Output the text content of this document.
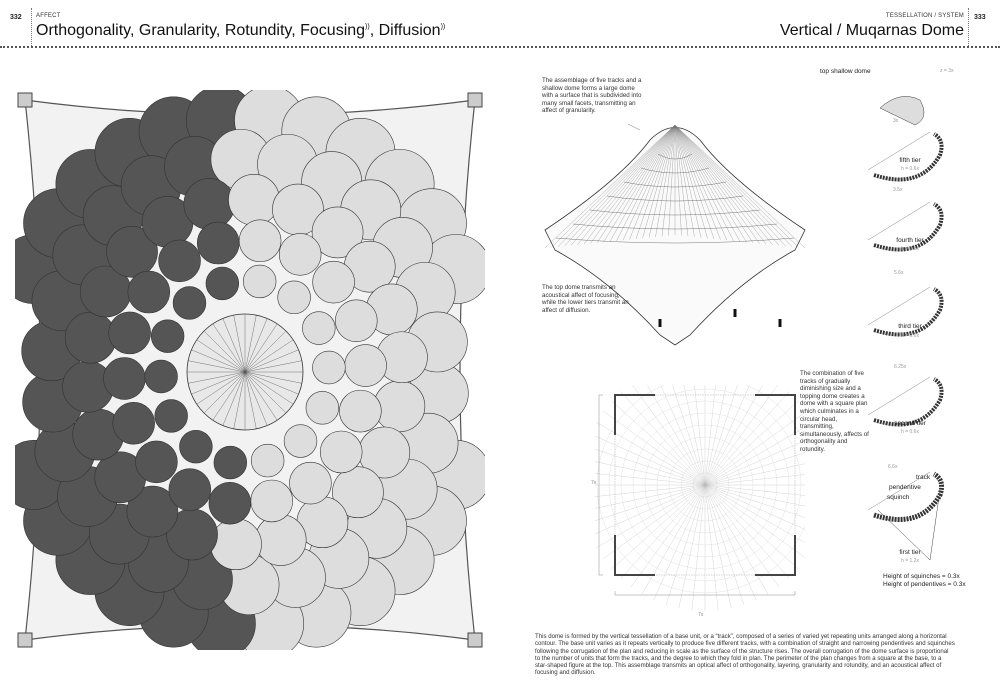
332 AFFECT
Orthogonality, Granularity, Rotundity, Focusing)), Diffusion))
TESSELLATION / SYSTEM
Vertical / Muqarnas Dome
333
The assemblage of five tracks and a shallow dome forms a large dome with a surface that is subdivided into many small facets, transmitting an affect of granularity.
The top dome transmits an acoustical affect of focusing, while the lower tiers transmit an affect of diffusion.
7x
7x
The combination of five tracks of gradually diminishing size and a topping dome creates a dome with a square plan which culminates in a circular head, transmitting, simultaneously, affects of orthogonality and rotundity.
top shallow dome	z = 3x
fifth tier
h = 0.6x
3x
fourth tier
h = 0.6x
3.5x
third tier
h = 0.6x
5.6x
second tier
h = 0.6x
6.25x
6.6x
track
pendentive
squinch
first tier
h = 1.2x
Height of squinches = 0.3x
Height of pendentives = 0.3x
This dome is formed by the vertical tessellation of a base unit, or a “track”, composed of a series of varied yet repeating units arranged along a horizontal contour. The base unit varies as it repeats vertically to produce five different tracks, with a combination of straight and narrowing pendentives and squinches following the corrugation of the plan and reducing in scale as the surface of the structure rises. The overall corrugation of the dome surface is proportional to the number of units that form the tracks, and the degree to which they fold in plan. The perimeter of the plan changes from a square at the base, to a star-shaped figure at the top. This assemblage transmits an optical affect of orthogonality, layering, granularity and rotundity, and an acoustical affect of focusing and diffusion.
